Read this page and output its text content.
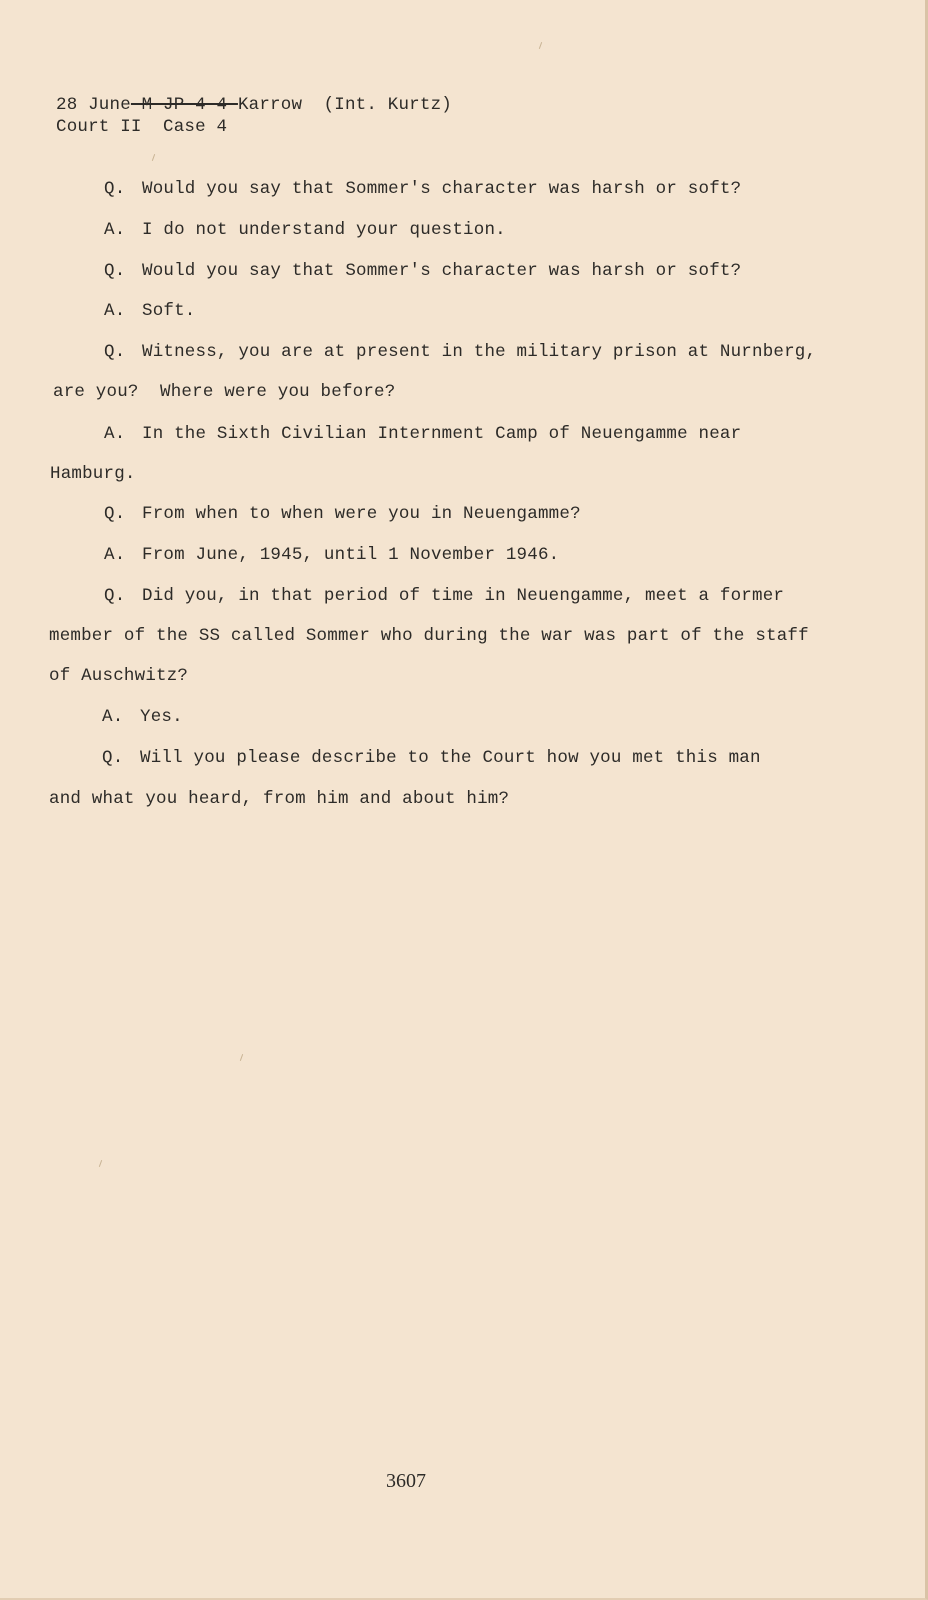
28 June-M-JP-4-4-Karrow  (Int. Kurtz)
Court II  Case 4
Q. Would you say that Sommer's character was harsh or soft?
A. I do not understand your question.
Q. Would you say that Sommer's character was harsh or soft?
A. Soft.
Q. Witness, you are at present in the military prison at Nurnberg,
are you?  Where were you before?
A. In the Sixth Civilian Internment Camp of Neuengamme near
Hamburg.
Q. From when to when were you in Neuengamme?
A. From June, 1945, until 1 November 1946.
Q. Did you, in that period of time in Neuengamme, meet a former
member of the SS called Sommer who during the war was part of the staff
of Auschwitz?
A. Yes.
Q. Will you please describe to the Court how you met this man
and what you heard, from him and about him?
3607
